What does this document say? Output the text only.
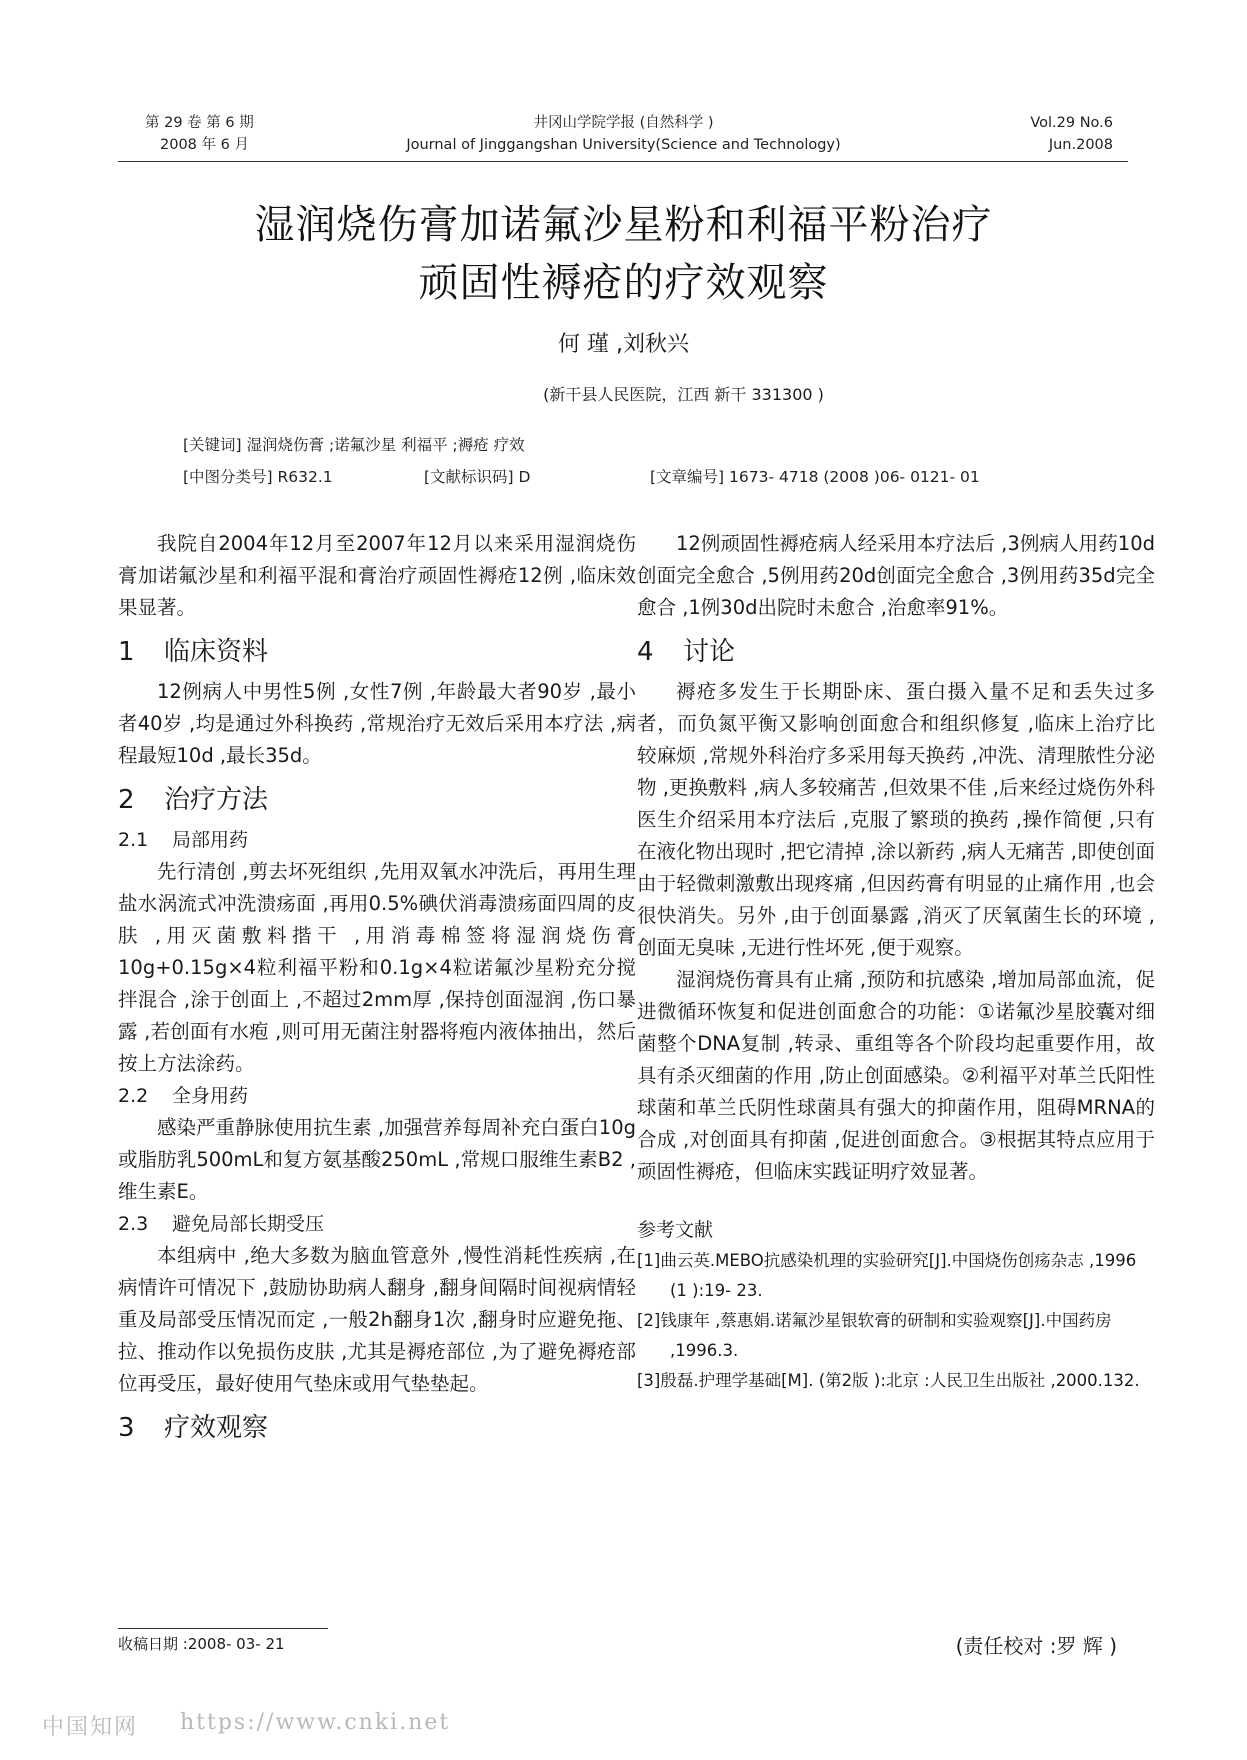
第 29 卷 第 6 期
2008 年 6 月
井冈山学院学报 (自然科学 )
Journal of Jinggangshan University(Science and Technology)
Vol.29 No.6
Jun.2008
湿润烧伤膏加诺氟沙星粉和利福平粉治疗
顽固性褥疮的疗效观察
何 瑾 ,刘秋兴
(新干县人民医院，江西 新干 331300 )
[关键词] 湿润烧伤膏 ;诺氟沙星 利福平 ;褥疮 疗效
[中图分类号] R632.1	[文献标识码] D	[文章编号] 1673- 4718 (2008 )06- 0121- 01

我院自2004年12月至2007年12月以来采用湿润烧伤膏加诺氟沙星和利福平混和膏治疗顽固性褥疮12例 ,临床效果显著。

1 临床资料

12例病人中男性5例 ,女性7例 ,年龄最大者90岁 ,最小者40岁 ,均是通过外科换药 ,常规治疗无效后采用本疗法 ,病程最短10d ,最长35d。

2 治疗方法
2.1 局部用药

先行清创 ,剪去坏死组织 ,先用双氧水冲洗后，再用生理盐水涡流式冲洗溃疡面 ,再用0.5%碘伏消毒溃疡面四周的皮肤 ,用灭菌敷料揩干 ,用消毒棉签将湿润烧伤膏10g+0.15g×4粒利福平粉和0.1g×4粒诺氟沙星粉充分搅拌混合 ,涂于创面上 ,不超过2mm厚 ,保持创面湿润 ,伤口暴露 ,若创面有水疱 ,则可用无菌注射器将疱内液体抽出，然后按上方法涂药。

2.2 全身用药

感染严重静脉使用抗生素 ,加强营养每周补充白蛋白10g或脂肪乳500mL和复方氨基酸250mL ,常规口服维生素B2 ,维生素E。

2.3 避免局部长期受压

本组病中 ,绝大多数为脑血管意外 ,慢性消耗性疾病 ,在病情许可情况下 ,鼓励协助病人翻身 ,翻身间隔时间视病情轻重及局部受压情况而定 ,一般2h翻身1次 ,翻身时应避免拖、拉、推动作以免损伤皮肤 ,尤其是褥疮部位 ,为了避免褥疮部位再受压，最好使用气垫床或用气垫垫起。

3 疗效观察

12例顽固性褥疮病人经采用本疗法后 ,3例病人用药10d创面完全愈合 ,5例用药20d创面完全愈合 ,3例用药35d完全愈合 ,1例30d出院时未愈合 ,治愈率91%。

4 讨论

褥疮多发生于长期卧床、蛋白摄入量不足和丢失过多者，而负氮平衡又影响创面愈合和组织修复 ,临床上治疗比较麻烦 ,常规外科治疗多采用每天换药 ,冲洗、清理脓性分泌物 ,更换敷料 ,病人多较痛苦 ,但效果不佳 ,后来经过烧伤外科医生介绍采用本疗法后 ,克服了繁琐的换药 ,操作简便 ,只有在液化物出现时 ,把它清掉 ,涂以新药 ,病人无痛苦 ,即使创面由于轻微刺激敷出现疼痛 ,但因药膏有明显的止痛作用 ,也会很快消失。另外 ,由于创面暴露 ,消灭了厌氧菌生长的环境 ,创面无臭味 ,无进行性坏死 ,便于观察。

湿润烧伤膏具有止痛 ,预防和抗感染 ,增加局部血流，促进微循环恢复和促进创面愈合的功能：①诺氟沙星胶囊对细菌整个DNA复制 ,转录、重组等各个阶段均起重要作用，故具有杀灭细菌的作用 ,防止创面感染。②利福平对革兰氏阳性球菌和革兰氏阴性球菌具有强大的抑菌作用，阻碍MRNA的合成 ,对创面具有抑菌 ,促进创面愈合。③根据其特点应用于顽固性褥疮，但临床实践证明疗效显著。

参考文献

[1]曲云英.MEBO抗感染机理的实验研究[J].中国烧伤创疡杂志 ,1996 (1 ):19- 23.

[2]钱康年 ,蔡惠娟.诺氟沙星银软膏的研制和实验观察[J].中国药房 ,1996.3.

[3]殷磊.护理学基础[M]. (第2版 ):北京 :人民卫生出版社 ,2000.132.

收稿日期 :2008- 03- 21	(责任校对 :罗 辉 )
中国知网 https://www.cnki.net
